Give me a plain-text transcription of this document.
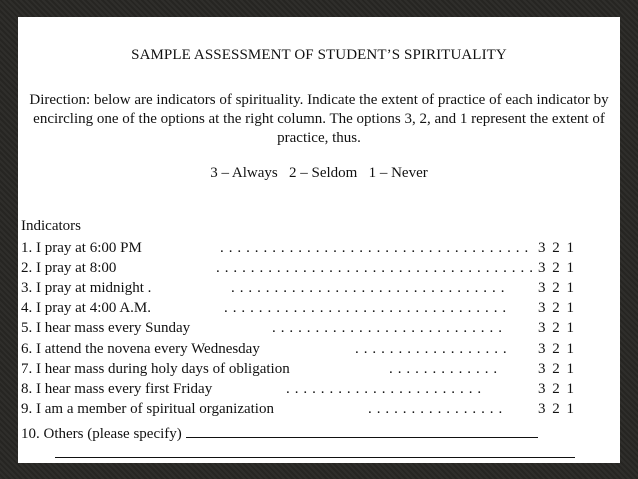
SAMPLE ASSESSMENT OF STUDENT’S SPIRITUALITY
Direction: below are indicators of spirituality. Indicate the extent of practice of each indicator by encircling one of the options at the right column. The options 3, 2, and 1 represent the extent of practice, thus.
3 – Always   2 – Seldom   1 – Never
Indicators
1. I pray at 6:00 PM	. . . . . . . . . . . . . . . . . . . . . . . . . . . . . . . . . . . . 3 2 1
2. I pray at 8:00	. . . . . . . . . . . . . . . . . . . . . . . . . . . . . . . . . . . . . 3 2 1
3. I pray at midnight .	. . . . . . . . . . . . . . . . . . . . . . . . . . . . . . . . 3 2 1
4. I pray at 4:00 A.M.	. . . . . . . . . . . . . . . . . . . . . . . . . . . . . . . . . 3 2 1
5. I hear mass every Sunday	. . . . . . . . . . . . . . . . . . . . . . . . . . . 3 2 1
6. I attend the novena every Wednesday	. . . . . . . . . . . . . . . . . . 3 2 1
7. I hear mass during holy days of obligation	. . . . . . . . . . . . .	3 2 1
8. I hear mass every first Friday	. . . . . . . . . . . . . . . . . . . . . . .	3 2 1
9. I am a member of spiritual organization	. . . . . . . . . . . . . . . . 3 2 1
10. Others (please specify)
